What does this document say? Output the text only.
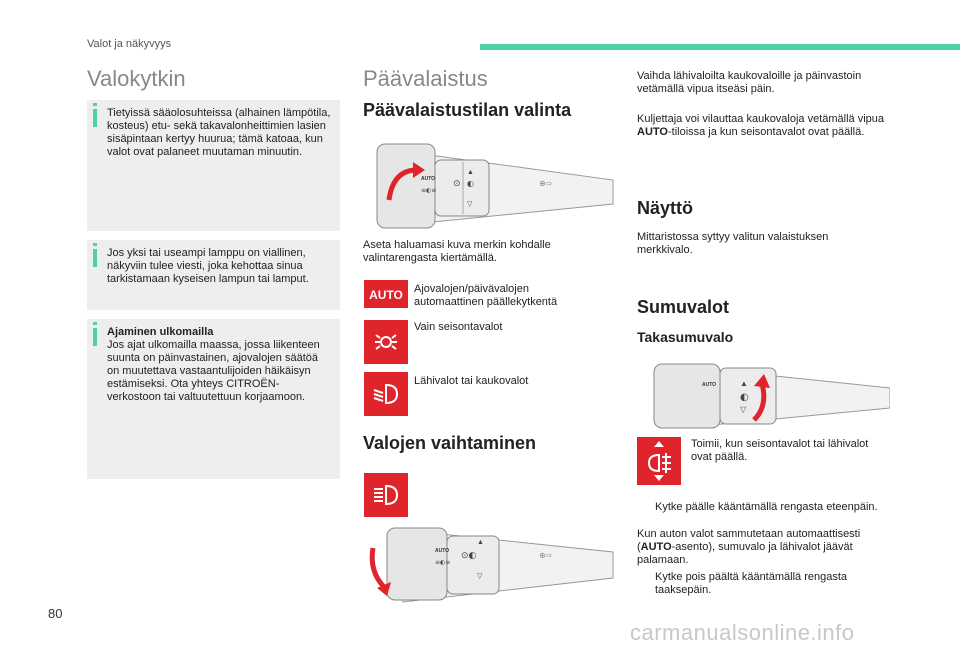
Valot ja näkyvyys
Valokytkin
Tietyissä sääolosuhteissa (alhainen lämpötila, kosteus) etu- sekä takavalonheittimien lasien sisäpintaan kertyy huurua; tämä katoaa, kun valot ovat palaneet muutaman minuutin.
Jos yksi tai useampi lamppu on viallinen, näkyviin tulee viesti, joka kehottaa sinua tarkistamaan kyseisen lampun tai lamput.
Ajaminen ulkomailla
Jos ajat ulkomailla maassa, jossa liikenteen suunta on päinvastainen, ajovalojen säätöä on muutettava vastaantulijoiden häikäisyn estämiseksi. Ota yhteys CITROËN-verkostoon tai valtuutettuun korjaamoon.
Päävalaistus
Päävalaistustilan valinta
AUTO
≡◐≡
⊙ ◐
▲
▽
⊕⇨
Aseta haluamasi kuva merkin kohdalle valintarengasta kiertämällä.
AUTO Ajovalojen/päivävalojen automaattinen päällekytkentä
Vain seisontavalot
Lähivalot tai kaukovalot
Valojen vaihtaminen
AUTO
≡◐≡
⊙◐
▲
▽
⊕⇨
Vaihda lähivaloilta kaukovaloille ja päinvastoin vetämällä vipua itseäsi päin.
Kuljettaja voi vilauttaa kaukovaloja vetämällä vipua AUTO-tiloissa ja kun seisontavalot ovat päällä.
Näyttö
Mittaristossa syttyy valitun valaistuksen merkkivalo.
Sumuvalot
Takasumuvalo
AUTO	▲
◐
▽
Toimii, kun seisontavalot tai lähivalot ovat päällä.
Kytke päälle kääntämällä rengasta eteenpäin.
Kun auton valot sammutetaan automaattisesti (AUTO-asento), sumuvalo ja lähivalot jäävät palamaan.
Kytke pois päältä kääntämällä rengasta taaksepäin.
80
carmanualsonline.info
